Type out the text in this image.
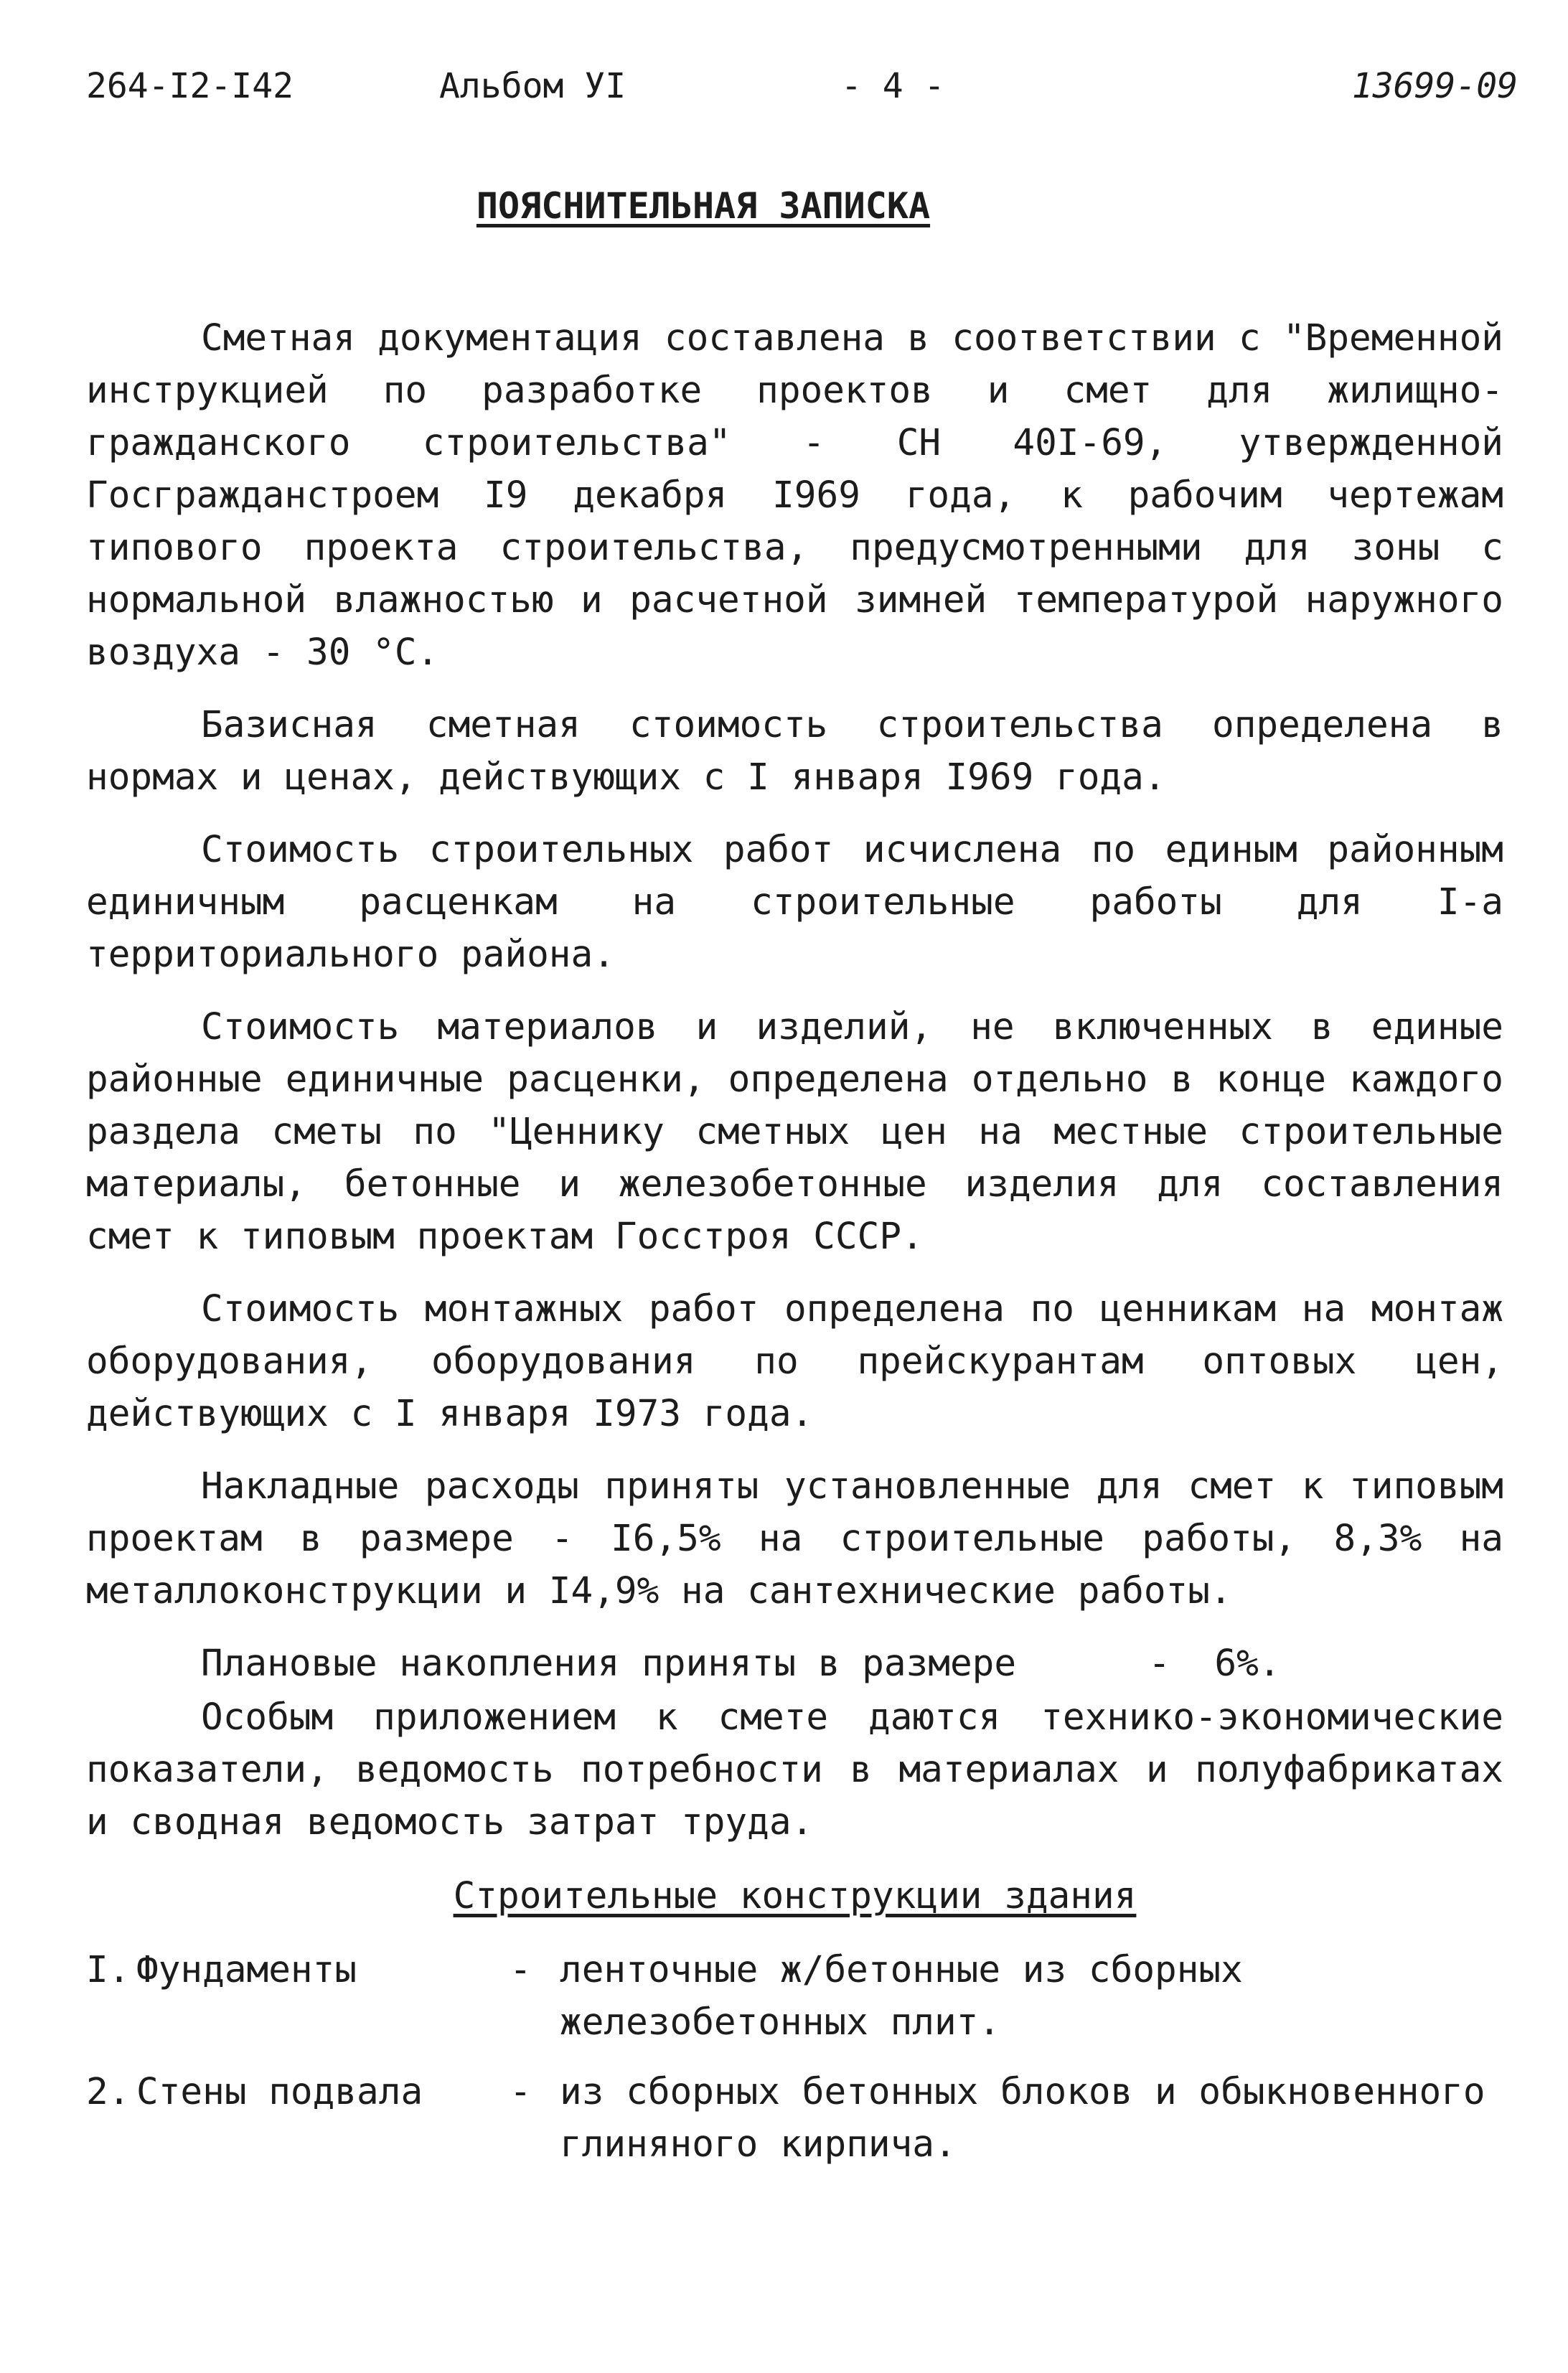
264-I2-I42	Альбом УI	- 4 -	13699-09
ПОЯСНИТЕЛЬНАЯ ЗАПИСКА

Сметная документация составлена в соответствии с "Временной инструкцией по разработке проектов и смет для жилищно-гражданского строительства" - СН 40I-69, утвержденной Госгражданстроем I9 декабря I969 года, к рабочим чертежам типового проекта строительства, предусмотренными для зоны с нормальной влажностью и расчетной зимней температурой наружного воздуха - 30 °С.

Базисная сметная стоимость строительства определена в нормах и ценах, действующих с I января I969 года.

Стоимость строительных работ исчислена по единым районным единичным расценкам на строительные работы для I-а территориального района.

Стоимость материалов и изделий, не включенных в единые районные единичные расценки, определена отдельно в конце каждого раздела сметы по "Ценнику сметных цен на местные строительные материалы, бетонные и железобетонные изделия для составления смет к типовым проектам Госстроя СССР.

Стоимость монтажных работ определена по ценникам на монтаж оборудования, оборудования по прейскурантам оптовых цен, действующих с I января I973 года.

Накладные расходы приняты установленные для смет к типовым проектам в размере - I6,5% на строительные работы, 8,3% на металлоконструкции и I4,9% на сантехнические работы.

Плановые накопления приняты в размере      -  6%.

Особым приложением к смете даются технико-экономические показатели, ведомость потребности в материалах и полуфабрикатах и сводная ведомость затрат труда.

Строительные конструкции здания
I. Фундаменты	- ленточные ж/бетонные из сборных железобетонных плит.
2. Стены подвала	- из сборных бетонных блоков и обыкновенного глиняного кирпича.
